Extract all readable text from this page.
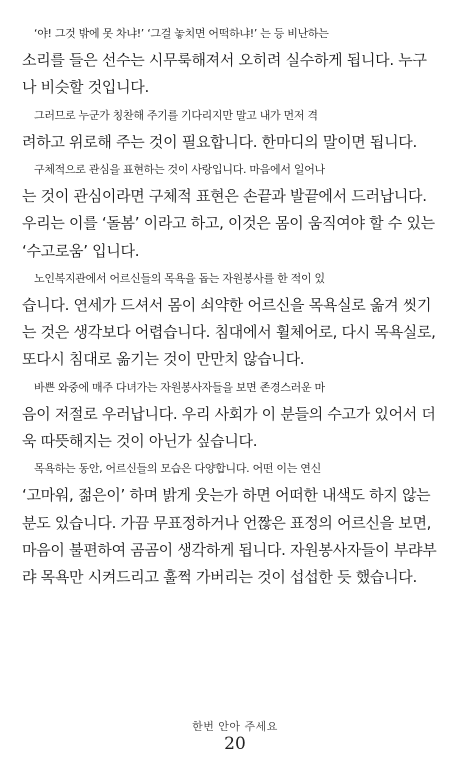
‘야! 그것 밖에 못 차냐!’ ‘그걸 놓치면 어떡하냐!’ 는 등 비난하는
소리를 들은 선수는 시무룩해져서 오히려 실수하게 됩니다. 누구
나 비슷할 것입니다.
그러므로 누군가 칭찬해 주기를 기다리지만 말고 내가 먼저 격
려하고 위로해 주는 것이 필요합니다. 한마디의 말이면 됩니다.
구체적으로 관심을 표현하는 것이 사랑입니다. 마음에서 일어나
는 것이 관심이라면 구체적 표현은 손끝과 발끝에서 드러납니다.
우리는 이를 ‘돌봄’ 이라고 하고, 이것은 몸이 움직여야 할 수 있는
‘수고로움’ 입니다.
노인복지관에서 어르신들의 목욕을 돕는 자원봉사를 한 적이 있
습니다. 연세가 드셔서 몸이 쇠약한 어르신을 목욕실로 옮겨 씻기
는 것은 생각보다 어렵습니다. 침대에서 휠체어로, 다시 목욕실로,
또다시 침대로 옮기는 것이 만만치 않습니다.
바쁜 와중에 매주 다녀가는 자원봉사자들을 보면 존경스러운 마
음이 저절로 우러납니다. 우리 사회가 이 분들의 수고가 있어서 더
욱 따뜻해지는 것이 아닌가 싶습니다.
목욕하는 동안, 어르신들의 모습은 다양합니다. 어떤 이는 연신
‘고마워, 젊은이’ 하며 밝게 웃는가 하면 어떠한 내색도 하지 않는
분도 있습니다. 가끔 무표정하거나 언짢은 표정의 어르신을 보면,
마음이 불편하여 곰곰이 생각하게 됩니다. 자원봉사자들이 부랴부
랴 목욕만 시켜드리고 훌쩍 가버리는 것이 섭섭한 듯 했습니다.
한번 안아 주세요
20
